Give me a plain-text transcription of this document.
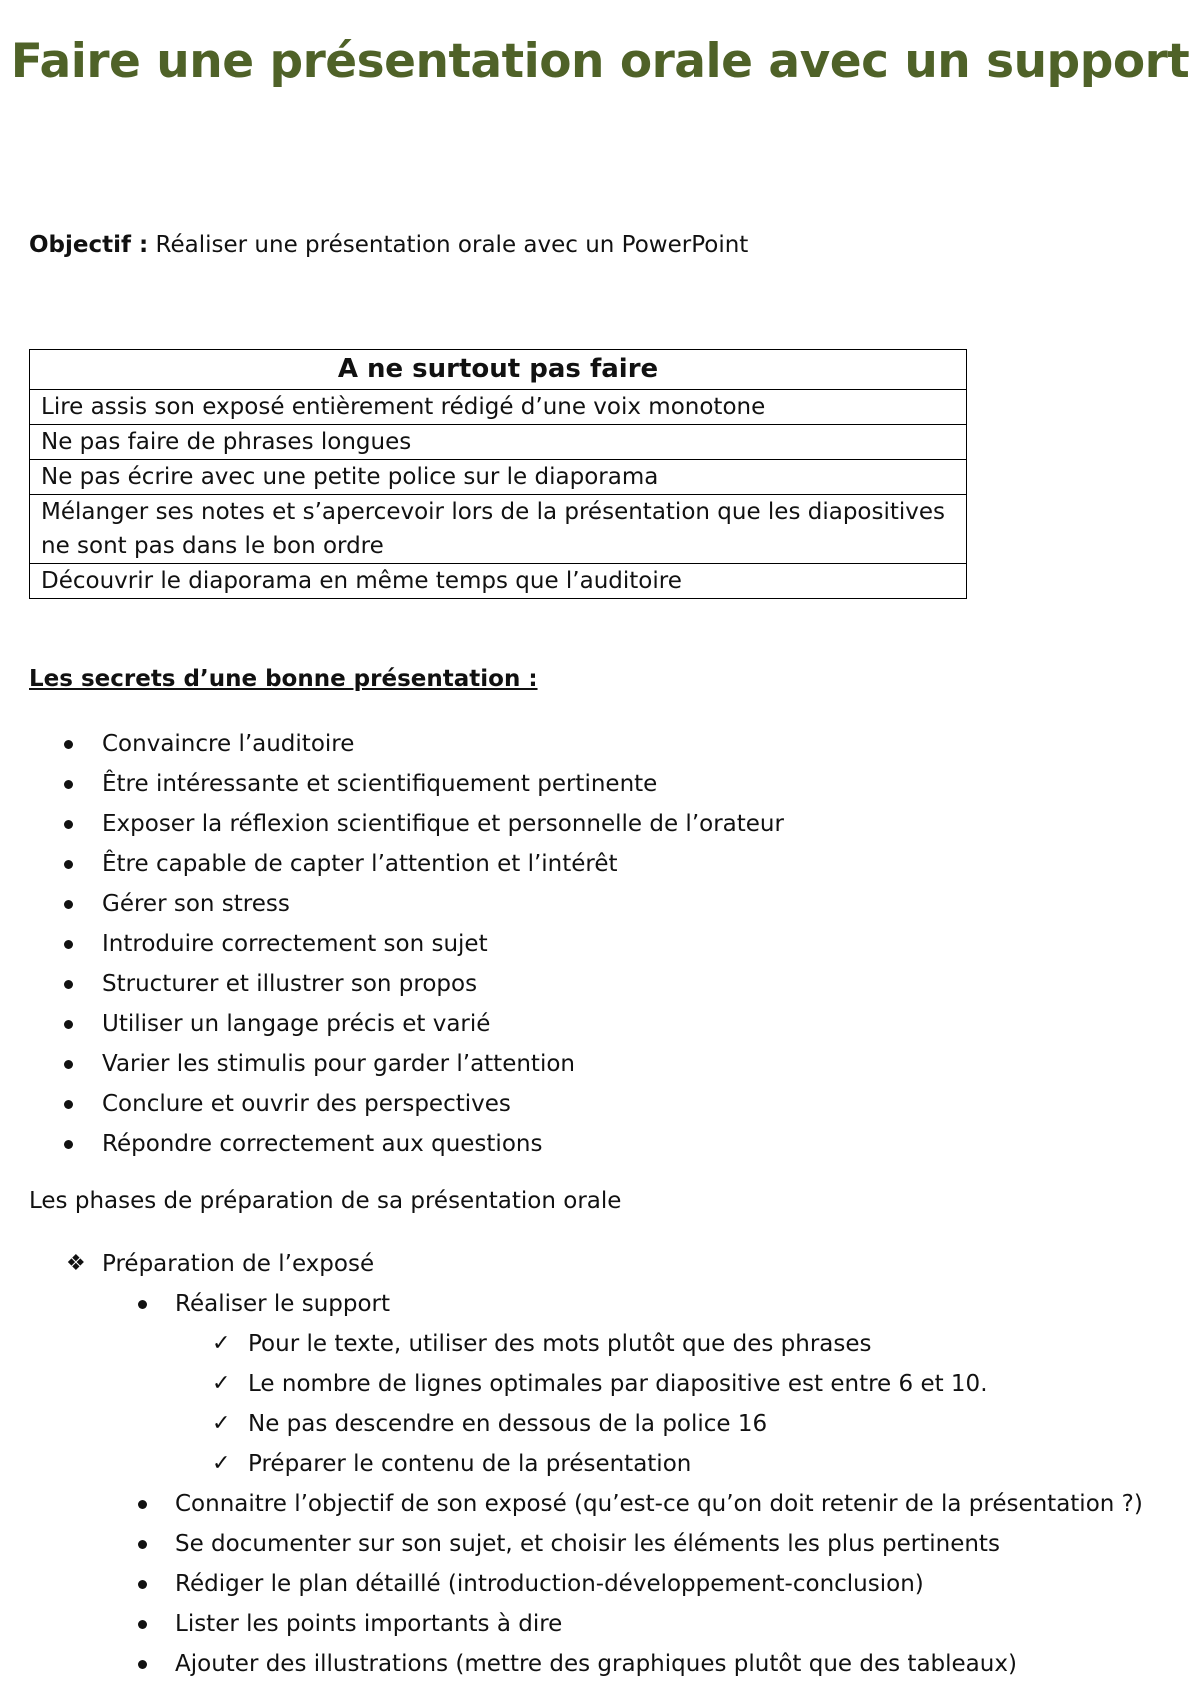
Faire une présentation orale avec un support
Objectif : Réaliser une présentation orale avec un PowerPoint
A ne surtout pas faire
Lire assis son exposé entièrement rédigé d’une voix monotone
Ne pas faire de phrases longues
Ne pas écrire avec une petite police sur le diaporama
Mélanger ses notes et s’apercevoir lors de la présentation que les diapositives ne sont pas dans le bon ordre
Découvrir le diaporama en même temps que l’auditoire
Les secrets d’une bonne présentation :
Convaincre l’auditoire
Être intéressante et scientifiquement pertinente
Exposer la réflexion scientifique et personnelle de l’orateur
Être capable de capter l’attention et l’intérêt
Gérer son stress
Introduire correctement son sujet
Structurer et illustrer son propos
Utiliser un langage précis et varié
Varier les stimulis pour garder l’attention
Conclure et ouvrir des perspectives
Répondre correctement aux questions
Les phases de préparation de sa présentation orale
❖ Préparation de l’exposé
Réaliser le support
✓ Pour le texte, utiliser des mots plutôt que des phrases
✓ Le nombre de lignes optimales par diapositive est entre 6 et 10.
✓ Ne pas descendre en dessous de la police 16
✓ Préparer le contenu de la présentation
Connaitre l’objectif de son exposé (qu’est-ce qu’on doit retenir de la présentation ?)
Se documenter sur son sujet, et choisir les éléments les plus pertinents
Rédiger le plan détaillé (introduction-développement-conclusion)
Lister les points importants à dire
Ajouter des illustrations (mettre des graphiques plutôt que des tableaux)
